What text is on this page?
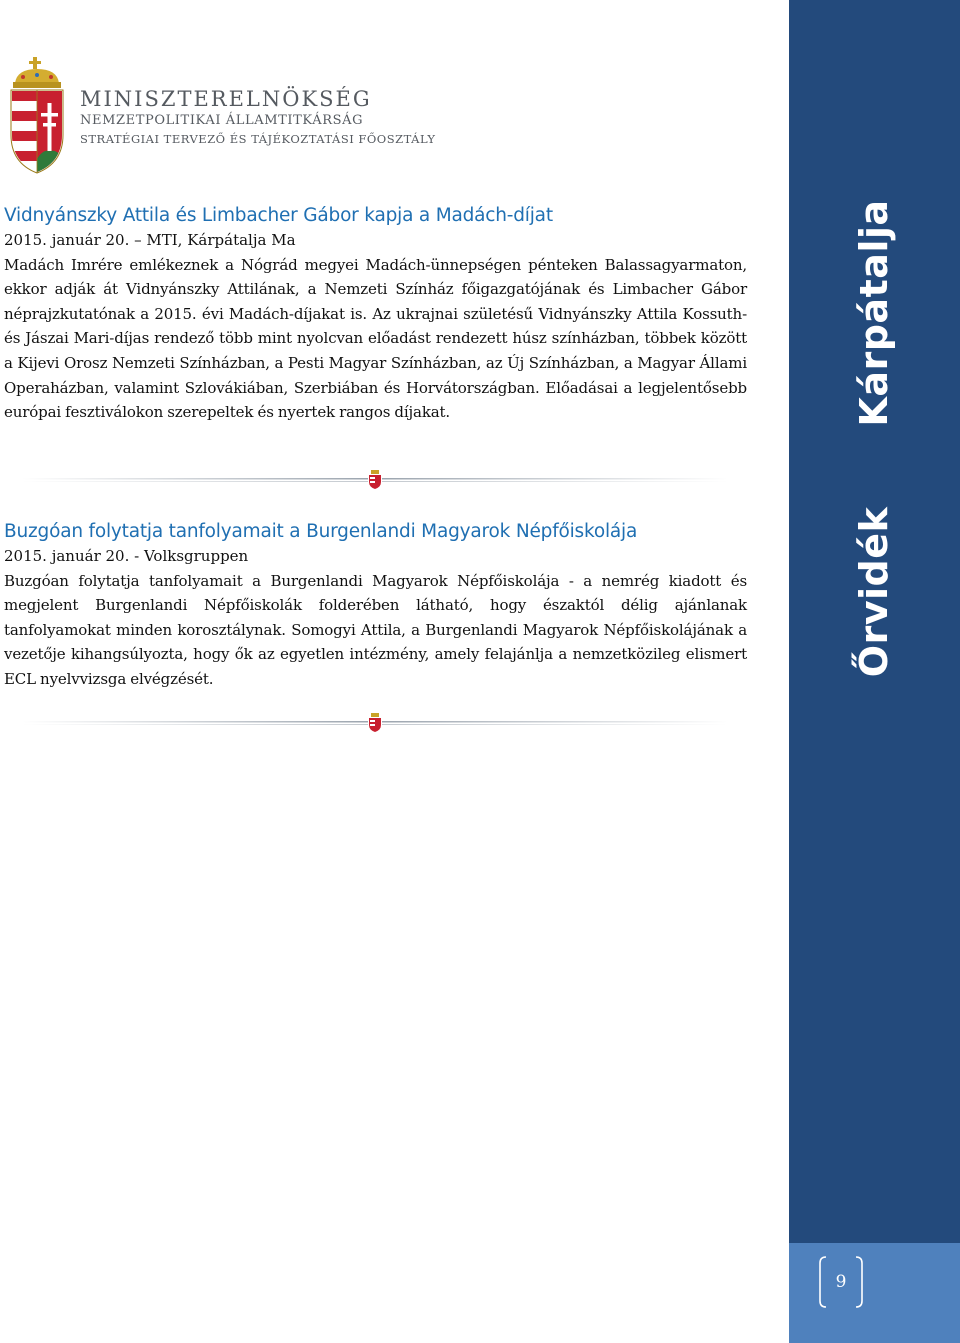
MINISZTERELNÖKSÉG
NEMZETPOLITIKAI ÁLLAMTITKÁRSÁG
STRATÉGIAI TERVEZŐ ÉS TÁJÉKOZTATÁSI FŐOSZTÁLY
Vidnyánszky Attila és Limbacher Gábor kapja a Madách-díjat

2015. január 20. – MTI, Kárpátalja Ma

Madách Imrére emlékeznek a Nógrád megyei Madách-ünnepségen pénteken Balassagyarmaton, ekkor adják át Vidnyánszky Attilának, a Nemzeti Színház főigazgatójának és Limbacher Gábor néprajzkutatónak a 2015. évi Madách-díjakat is. Az ukrajnai születésű Vidnyánszky Attila Kossuth- és Jászai Mari-díjas rendező több mint nyolcvan előadást rendezett húsz színházban, többek között a Kijevi Orosz Nemzeti Színházban, a Pesti Magyar Színházban, az Új Színházban, a Magyar Állami Operaházban, valamint Szlovákiában, Szerbiában és Horvátországban. Előadásai a legjelentősebb európai fesztiválokon szerepeltek és nyertek rangos díjakat.

Buzgóan folytatja tanfolyamait a Burgenlandi Magyarok Népfőiskolája

2015. január 20. - Volksgruppen

Buzgóan folytatja tanfolyamait a Burgenlandi Magyarok Népfőiskolája - a nemrég kiadott és megjelent Burgenlandi Népfőiskolák folderében látható, hogy északtól délig ajánlanak tanfolyamokat minden korosztálynak. Somogyi Attila, a Burgenlandi Magyarok Népfőiskolájának a vezetője kihangsúlyozta, hogy ők az egyetlen intézmény, amely felajánlja a nemzetközileg elismert ECL nyelvvizsga elvégzését.

Kárpátalja
Őrvidék
9
